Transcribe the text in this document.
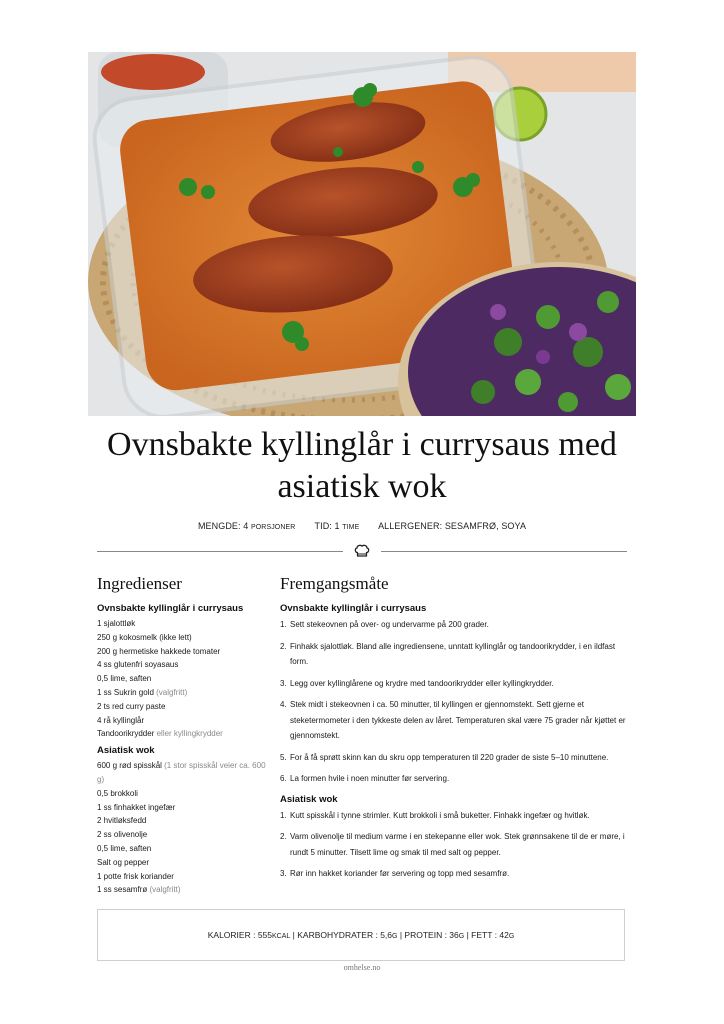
Ovnsbakte kyllinglår i currysaus med
asiatisk wok
MENGDE: 4 PORSJONER TID: 1 TIME ALLERGENER: SESAMFRØ, SOYA
Ingredienser
Ovnsbakte kyllinglår i currysaus
1 sjalottløk
250 g kokosmelk (ikke lett)
200 g hermetiske hakkede tomater
4 ss glutenfri soyasaus
0,5 lime, saften
1 ss Sukrin gold (valgfritt)
2 ts red curry paste
4 rå kyllinglår
Tandoorikrydder eller kyllingkrydder
Asiatisk wok
600 g rød spisskål (1 stor spisskål veier ca. 600 g)
0,5 brokkoli
1 ss finhakket ingefær
2 hvitløksfedd
2 ss olivenolje
0,5 lime, saften
Salt og pepper
1 potte frisk koriander
1 ss sesamfrø (valgfritt)
Fremgangsmåte
Ovnsbakte kyllinglår i currysaus
1. Sett stekeovnen på over- og undervarme på 200 grader.
2. Finhakk sjalottløk. Bland alle ingrediensene, unntatt kyllinglår og tandoorikrydder, i en ildfast form.
3. Legg over kyllinglårene og krydre med tandoorikrydder eller kyllingkrydder.
4. Stek midt i stekeovnen i ca. 50 minutter, til kyllingen er gjennomstekt. Sett gjerne et steketermometer i den tykkeste delen av låret. Temperaturen skal være 75 grader når kjøttet er gjennomstekt.
5. For å få sprøtt skinn kan du skru opp temperaturen til 220 grader de siste 5–10 minuttene.
6. La formen hvile i noen minutter før servering.
Asiatisk wok
1. Kutt spisskål i tynne strimler. Kutt brokkoli i små buketter. Finhakk ingefær og hvitløk.
2. Varm olivenolje til medium varme i en stekepanne eller wok. Stek grønnsakene til de er møre, i rundt 5 minutter. Tilsett lime og smak til med salt og pepper.
3. Rør inn hakket koriander før servering og topp med sesamfrø.
KALORIER : 555KCAL | KARBOHYDRATER : 5,6G | PROTEIN : 36G | FETT : 42G
omhelse.no
